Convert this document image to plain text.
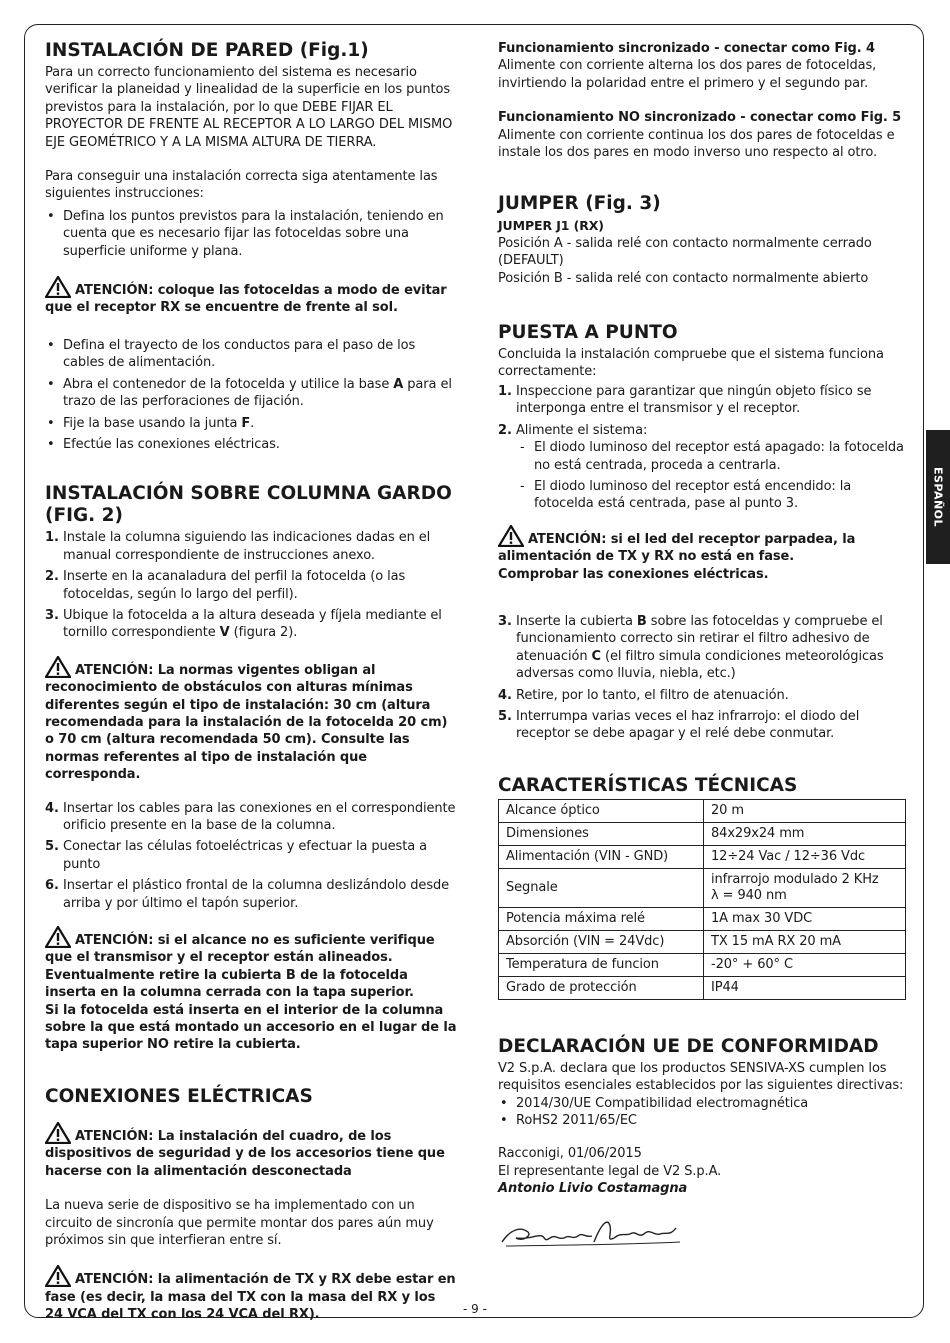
ESPAÑOL
INSTALACIÓN DE PARED (Fig.1)

Para un correcto funcionamiento del sistema es necesario verificar la planeidad y linealidad de la superficie en los puntos previstos para la instalación, por lo que DEBE FIJAR EL PROYECTOR DE FRENTE AL RECEPTOR A LO LARGO DEL MISMO EJE GEOMÉTRICO Y A LA MISMA ALTURA DE TIERRA.

Para conseguir una instalación correcta siga atentamente las siguientes instrucciones:

• Defina los puntos previstos para la instalación, teniendo en cuenta que es necesario fijar las fotoceldas sobre una superficie uniforme y plana.

ATENCIÓN: coloque las fotoceldas a modo de evitar que el receptor RX se encuentre de frente al sol.

• Defina el trayecto de los conductos para el paso de los cables de alimentación.
• Abra el contenedor de la fotocelda y utilice la base A para el trazo de las perforaciones de fijación.
• Fije la base usando la junta F.
• Efectúe las conexiones eléctricas.
INSTALACIÓN SOBRE COLUMNA GARDO (FIG. 2)
1. Instale la columna siguiendo las indicaciones dadas en el manual correspondiente de instrucciones anexo.
2. Inserte en la acanaladura del perfil la fotocelda (o las fotoceldas, según lo largo del perfil).
3. Ubique la fotocelda a la altura deseada y fíjela mediante el tornillo correspondiente V (figura 2).

ATENCIÓN: La normas vigentes obligan al reconocimiento de obstáculos con alturas mínimas diferentes según el tipo de instalación: 30 cm (altura recomendada para la instalación de la fotocelda 20 cm) o 70 cm (altura recomendada 50 cm). Consulte las normas referentes al tipo de instalación que corresponda.

4. Insertar los cables para las conexiones en el correspondiente orificio presente en la base de la columna.
5. Conectar las células fotoeléctricas y efectuar la puesta a punto
6. Insertar el plástico frontal de la columna deslizándolo desde arriba y por último el tapón superior.

ATENCIÓN: si el alcance no es suficiente verifique que el transmisor y el receptor están alineados.

Eventualmente retire la cubierta B de la fotocelda inserta en la columna cerrada con la tapa superior.

Si la fotocelda está inserta en el interior de la columna sobre la que está montado un accesorio en el lugar de la tapa superior NO retire la cubierta.

CONEXIONES ELÉCTRICAS

ATENCIÓN: La instalación del cuadro, de los dispositivos de seguridad y de los accesorios tiene que hacerse con la alimentación desconectada

La nueva serie de dispositivo se ha implementado con un circuito de sincronía que permite montar dos pares aún muy próximos sin que interfieran entre sí.

ATENCIÓN: la alimentación de TX y RX debe estar en fase (es decir, la masa del TX con la masa del RX y los 24 VCA del TX con los 24 VCA del RX).

Funcionamiento sincronizado - conectar como Fig. 4

Alimente con corriente alterna los dos pares de fotoceldas, invirtiendo la polaridad entre el primero y el segundo par.

Funcionamiento NO sincronizado - conectar como Fig. 5

Alimente con corriente continua los dos pares de fotoceldas e instale los dos pares en modo inverso uno respecto al otro.

JUMPER (Fig. 3)

JUMPER J1 (RX)

Posición A - salida relé con contacto normalmente cerrado (DEFAULT)

Posición B - salida relé con contacto normalmente abierto

PUESTA A PUNTO

Concluida la instalación compruebe que el sistema funciona correctamente:

1. Inspeccione para garantizar que ningún objeto físico se interponga entre el transmisor y el receptor.
2. Alimente el sistema:
- El diodo luminoso del receptor está apagado: la fotocelda no está centrada, proceda a centrarla.
- El diodo luminoso del receptor está encendido: la fotocelda está centrada, pase al punto 3.

ATENCIÓN: si el led del receptor parpadea, la alimentación de TX y RX no está en fase.

Comprobar las conexiones eléctricas.

3. Inserte la cubierta B sobre las fotoceldas y compruebe el funcionamiento correcto sin retirar el filtro adhesivo de atenuación C (el filtro simula condiciones meteorológicas adversas como lluvia, niebla, etc.)
4. Retire, por lo tanto, el filtro de atenuación.
5. Interrumpa varias veces el haz infrarrojo: el diodo del receptor se debe apagar y el relé debe conmutar.
CARACTERÍSTICAS TÉCNICAS
Alcance óptico	20 m
Dimensiones	84x29x24 mm
Alimentación (VIN - GND)	12÷24 Vac / 12÷36 Vdc
Segnale	infrarrojo modulado 2 KHz
λ = 940 nm

Potencia máxima relé	1A max 30 VDC
Absorción (VIN = 24Vdc)	TX 15 mA RX 20 mA
Temperatura de funcion	-20° + 60° C
Grado de protección	IP44
DECLARACIÓN UE DE CONFORMIDAD

V2 S.p.A. declara que los productos SENSIVA-XS cumplen los requisitos esenciales establecidos por las siguientes directivas:

• 2014/30/UE Compatibilidad electromagnética
• RoHS2 2011/65/EC

Racconigi, 01/06/2015

El representante legal de V2 S.p.A.

Antonio Livio Costamagna

- 9 -
